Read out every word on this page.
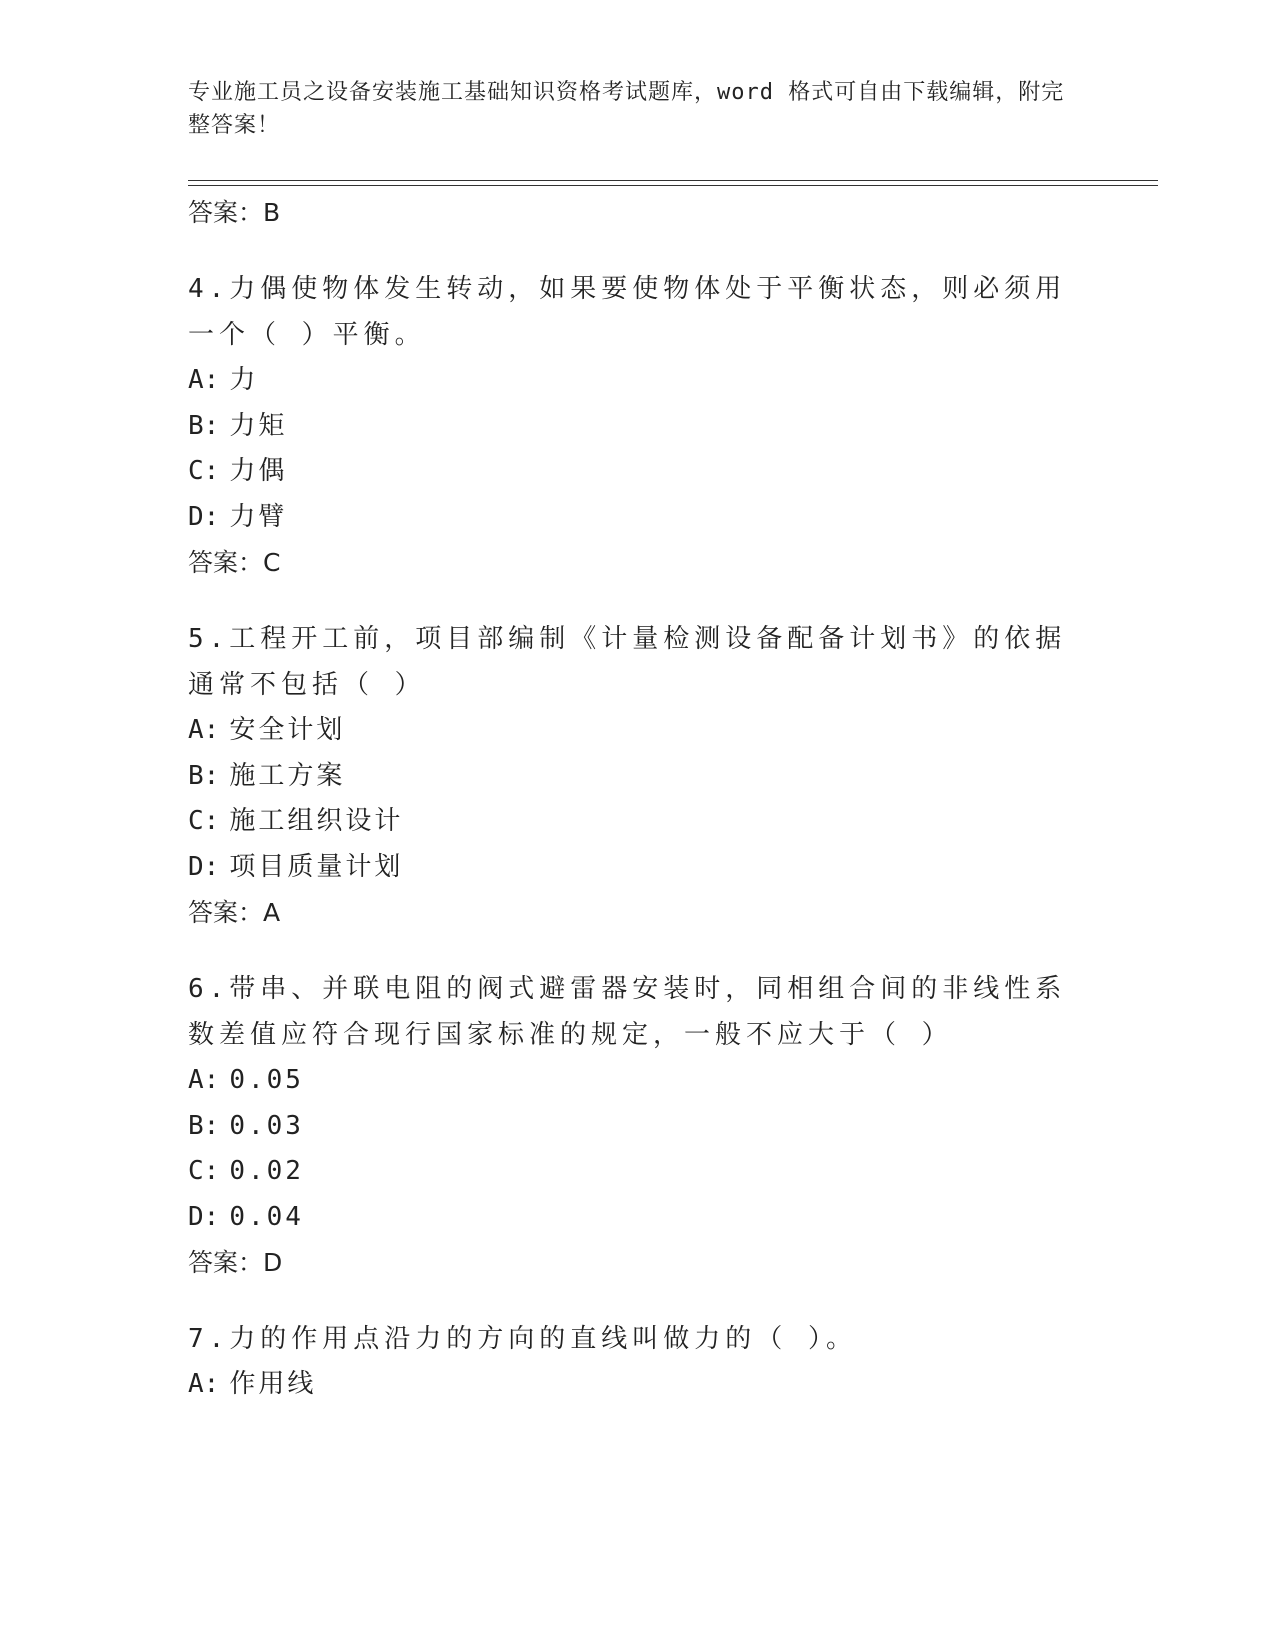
专业施工员之设备安装施工基础知识资格考试题库，word 格式可自由下载编辑，附完整答案！
答案：B
4.力偶使物体发生转动，如果要使物体处于平衡状态，则必须用一个（ ）平衡。
A: 力
B: 力矩
C: 力偶
D: 力臂
答案：C
5.工程开工前，项目部编制《计量检测设备配备计划书》的依据通常不包括（ ）
A: 安全计划
B: 施工方案
C: 施工组织设计
D: 项目质量计划
答案：A
6.带串、并联电阻的阀式避雷器安装时，同相组合间的非线性系数差值应符合现行国家标准的规定，一般不应大于（ ）
A: 0.05
B: 0.03
C: 0.02
D: 0.04
答案：D
7.力的作用点沿力的方向的直线叫做力的（ ）。
A: 作用线
